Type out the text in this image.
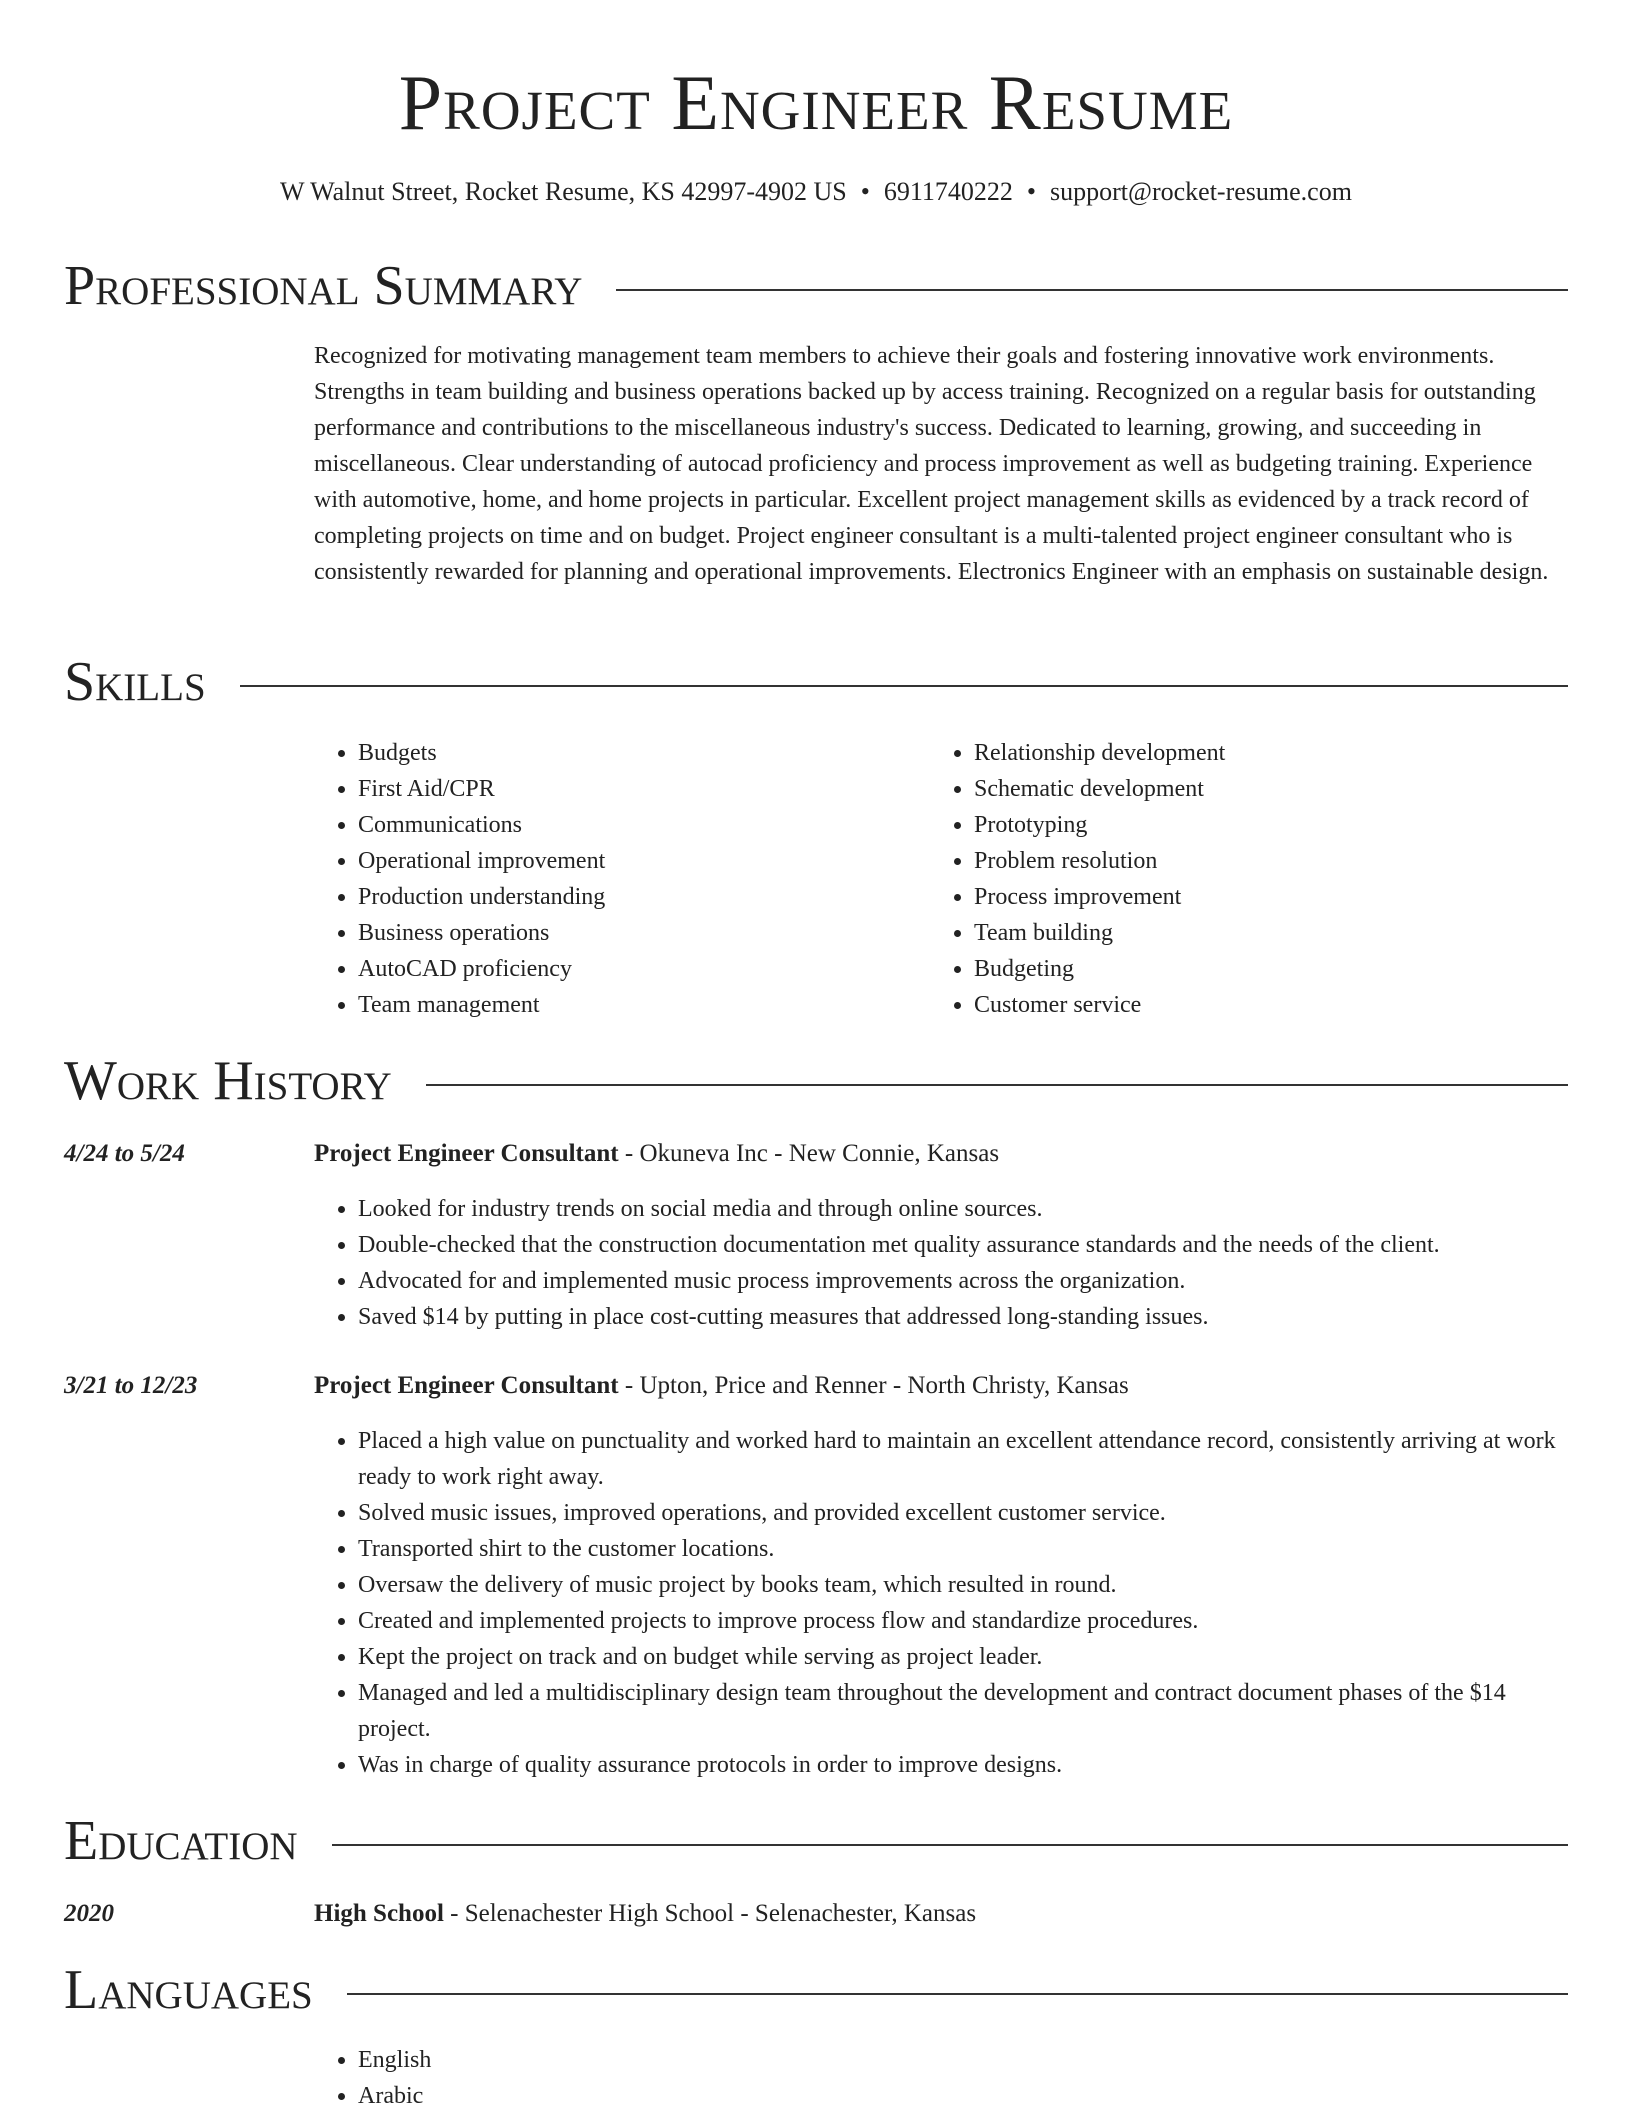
Project Engineer Resume
W Walnut Street, Rocket Resume, KS 42997-4902 US • 6911740222 • support@rocket-resume.com
Professional Summary
Recognized for motivating management team members to achieve their goals and fostering innovative work environments. Strengths in team building and business operations backed up by access training. Recognized on a regular basis for outstanding performance and contributions to the miscellaneous industry's success. Dedicated to learning, growing, and succeeding in miscellaneous. Clear understanding of autocad proficiency and process improvement as well as budgeting training. Experience with automotive, home, and home projects in particular. Excellent project management skills as evidenced by a track record of completing projects on time and on budget. Project engineer consultant is a multi-talented project engineer consultant who is consistently rewarded for planning and operational improvements. Electronics Engineer with an emphasis on sustainable design.
Skills
• Budgets
• First Aid/CPR
• Communications
• Operational improvement
• Production understanding
• Business operations
• AutoCAD proficiency
• Team management
• Relationship development
• Schematic development
• Prototyping
• Problem resolution
• Process improvement
• Team building
• Budgeting
• Customer service
Work History
4/24 to 5/24	Project Engineer Consultant - Okuneva Inc - New Connie, Kansas
• Looked for industry trends on social media and through online sources.
• Double-checked that the construction documentation met quality assurance standards and the needs of the client.
• Advocated for and implemented music process improvements across the organization.
• Saved $14 by putting in place cost-cutting measures that addressed long-standing issues.
3/21 to 12/23	Project Engineer Consultant - Upton, Price and Renner - North Christy, Kansas
• Placed a high value on punctuality and worked hard to maintain an excellent attendance record, consistently arriving at work ready to work right away.
• Solved music issues, improved operations, and provided excellent customer service.
• Transported shirt to the customer locations.
• Oversaw the delivery of music project by books team, which resulted in round.
• Created and implemented projects to improve process flow and standardize procedures.
• Kept the project on track and on budget while serving as project leader.
• Managed and led a multidisciplinary design team throughout the development and contract document phases of the $14 project.
• Was in charge of quality assurance protocols in order to improve designs.
Education
2020	High School - Selenachester High School - Selenachester, Kansas
Languages
• English
• Arabic
